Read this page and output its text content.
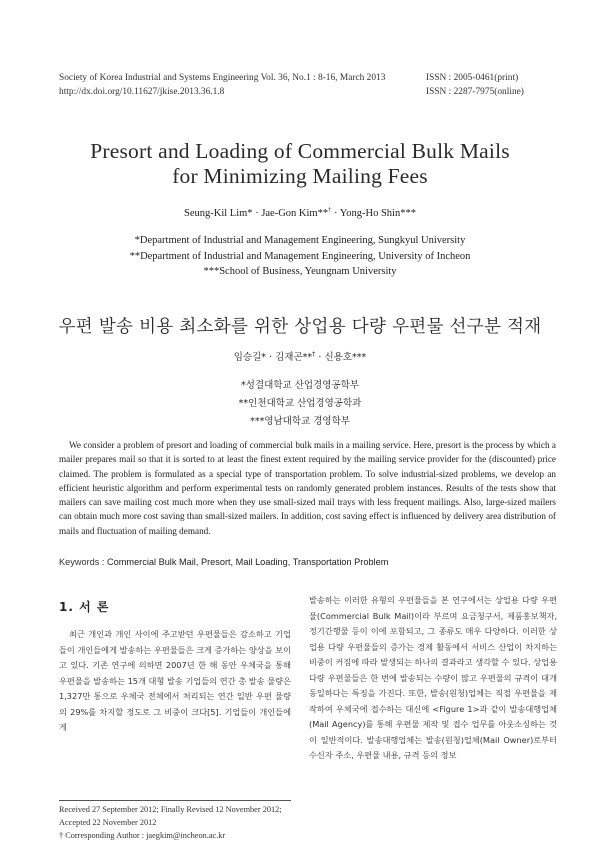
Society of Korea Industrial and Systems Engineering Vol. 36, No.1 : 8-16, March 2013	ISSN : 2005-0461(print)
http://dx.doi.org/10.11627/jkise.2013.36.1.8	ISSN : 2287-7975(online)
Presort and Loading of Commercial Bulk Mails
for Minimizing Mailing Fees
Seung-Kil Lim* · Jae-Gon Kim**† · Yong-Ho Shin***
*Department of Industrial and Management Engineering, Sungkyul University
**Department of Industrial and Management Engineering, University of Incheon
***School of Business, Yeungnam University
우편 발송 비용 최소화를 위한 상업용 다량 우편물 선구분 적재
임승길* · 김재곤**† · 신용호***
*성결대학교 산업경영공학부
**인천대학교 산업경영공학과
***영남대학교 경영학부

We consider a problem of presort and loading of commercial bulk mails in a mailing service. Here, presort is the process by which a mailer prepares mail so that it is sorted to at least the finest extent required by the mailing service provider for the (discounted) price claimed. The problem is formulated as a special type of transportation problem. To solve industrial-sized problems, we develop an efficient heuristic algorithm and perform experimental tests on randomly generated problem instances. Results of the tests show that mailers can save mailing cost much more when they use small-sized mail trays with less frequent mailings. Also, large-sized mailers can obtain much more cost saving than small-sized mailers. In addition, cost saving effect is influenced by delivery area distribution of mails and fluctuation of mailing demand.

Keywords : Commercial Bulk Mail, Presort, Mail Loading, Transportation Problem
1. 서 론

최근 개인과 개인 사이에 주고받던 우편물들은 감소하고 기업들이 개인들에게 발송하는 우편물들은 크게 증가하는 양상을 보이고 있다. 기존 연구에 의하면 2007년 한 해 동안 우체국을 통해 우편물을 발송하는 15개 대형 발송 기업들의 연간 총 발송 물량은 1,327만 통으로 우체국 전체에서 처리되는 연간 일반 우편 물량의 29%를 차지할 정도로 그 비중이 크다[5]. 기업들이 개인들에게

발송하는 이러한 유형의 우편물들을 본 연구에서는 상업용 다량 우편물(Commercial Bulk Mail)이라 부르며 요금청구서, 제품홍보책자, 정기간행물 등이 이에 포함되고, 그 종류도 매우 다양하다. 이러한 상업용 다량 우편물들의 증가는 경제 활동에서 서비스 산업이 차지하는 비중이 커짐에 따라 발생되는 하나의 결과라고 생각할 수 있다. 상업용 다량 우편물들은 한 번에 발송되는 수량이 많고 우편물의 규격이 대개 동일하다는 특징을 가진다. 또한, 발송(원청)업체는 직접 우편물을 제작하여 우체국에 접수하는 대신에 <Figure 1>과 같이 발송대행업체(Mail Agency)를 통해 우편물 제작 및 접수 업무를 아웃소싱하는 것이 일반적이다. 발송대행업체는 발송(원청)업체(Mail Owner)로부터 수신자 주소, 우편물 내용, 규격 등의 정보

Received 27 September 2012; Finally Revised 12 November 2012; Accepted 22 November 2012
† Corresponding Author : jaegkim@incheon.ac.kr
